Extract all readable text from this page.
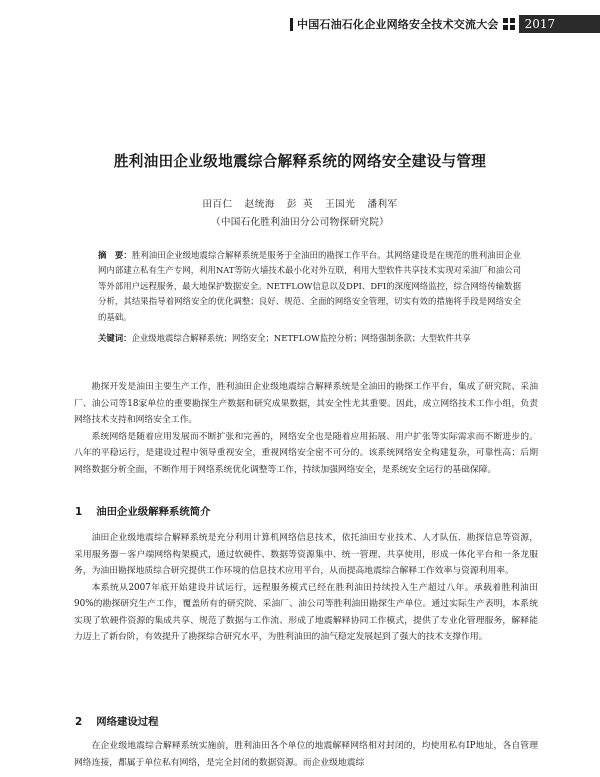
中国石油石化企业网络安全技术交流大会	2017
胜利油田企业级地震综合解释系统的网络安全建设与管理
田百仁 赵统海 彭 英 王国光 潘利军
（中国石化胜利油田分公司物探研究院）
摘　要：胜利油田企业级地震综合解释系统是服务于全油田的勘探工作平台。其网络建设是在规范的胜利油田企业网内部建立私有生产专网，利用NAT等防火墙技术最小化对外互联，利用大型软件共享技术实现对采油厂和油公司等外部用户远程服务，最大地保护数据安全。NETFLOW信息以及DPI、DFI的深度网络监控，综合网络传输数据分析，其结果指导着网络安全的优化调整；良好、规范、全面的网络安全管理，切实有效的措施将手段是网络安全的基础。
关键词：企业级地震综合解释系统；网络安全；NETFLOW监控分析；网络强制条款；大型软件共享

勘探开发是油田主要生产工作，胜利油田企业级地震综合解释系统是全油田的勘探工作平台，集成了研究院、采油厂、油公司等18家单位的重要勘探生产数据和研究成果数据，其安全性尤其重要。因此，成立网络技术工作小组，负责网络技术支持和网络安全工作。

系统网络是随着应用发展而不断扩张和完善的，网络安全也是随着应用拓展、用户扩张等实际需求而不断进步的。八年的平稳运行，是建设过程中领导重视安全，重视网络安全密不可分的。该系统网络安全构建复杂，可靠性高；后期网络数据分析全面，不断作用于网络系统优化调整等工作，持续加强网络安全，是系统安全运行的基础保障。

1 油田企业级解释系统简介

油田企业级地震综合解释系统是充分利用计算机网络信息技术，依托油田专业技术、人才队伍、勘探信息等资源，采用服务器－客户端网络构架模式，通过软硬件、数据等资源集中、统一管理、共享使用，形成一体化平台和一条龙服务，为油田勘探地质综合研究提供工作环境的信息技术应用平台，从而提高地震综合解释工作效率与资源利用率。

本系统从2007年底开始建设并试运行，远程服务模式已经在胜利油田持续投入生产超过八年。承载着胜利油田90%的勘探研究生产工作，覆盖所有的研究院、采油厂、油公司等胜利油田勘探生产单位。通过实际生产表明，本系统实现了软硬件资源的集成共享、规范了数据与工作流、形成了地震解释协同工作模式，提供了专业化管理服务，解释能力迈上了新台阶，有效提升了勘探综合研究水平，为胜利油田的油气稳定发展起到了强大的技术支撑作用。

2 网络建设过程

在企业级地震综合解释系统实施前，胜利油田各个单位的地震解释网络相对封闭的，均使用私有IP地址，各自管理网络连接，都属于单位私有网络，是完全封闭的数据资源。而企业级地震综
